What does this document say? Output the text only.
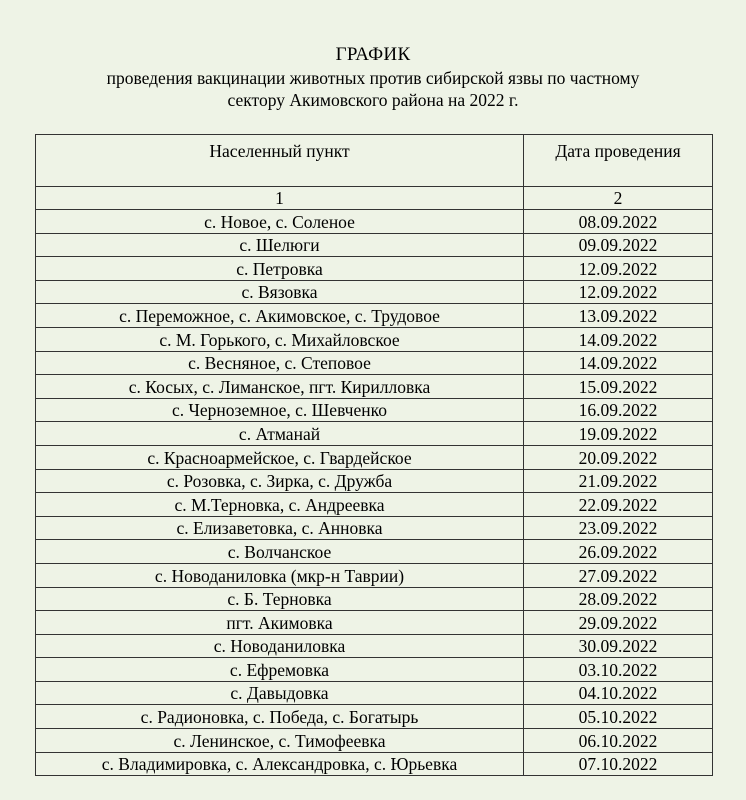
ГРАФИК
проведения вакцинации животных против сибирской язвы по частному
сектору Акимовского района на 2022 г.
Населенный пункт	Дата проведения
1	2
с. Новое, с. Соленое	08.09.2022
с. Шелюги	09.09.2022
с. Петровка	12.09.2022
с. Вязовка	12.09.2022
с. Переможное, с. Акимовское, с. Трудовое	13.09.2022
с. М. Горького, с. Михайловское	14.09.2022
с. Весняное, с. Степовое	14.09.2022
с. Косых, с. Лиманское, пгт. Кирилловка	15.09.2022
с. Черноземное, с. Шевченко	16.09.2022
с. Атманай	19.09.2022
с. Красноармейское, с. Гвардейское	20.09.2022
с. Розовка, с. Зирка, с. Дружба	21.09.2022
с. М.Терновка, с. Андреевка	22.09.2022
с. Елизаветовка, с. Анновка	23.09.2022
с. Волчанское	26.09.2022
с. Новоданиловка (мкр-н Таврии)	27.09.2022
с. Б. Терновка	28.09.2022
пгт. Акимовка	29.09.2022
с. Новоданиловка	30.09.2022
с. Ефремовка	03.10.2022
с. Давыдовка	04.10.2022
с. Радионовка, с. Победа, с. Богатырь	05.10.2022
с. Ленинское, с. Тимофеевка	06.10.2022
с. Владимировка, с. Александровка, с. Юрьевка	07.10.2022
